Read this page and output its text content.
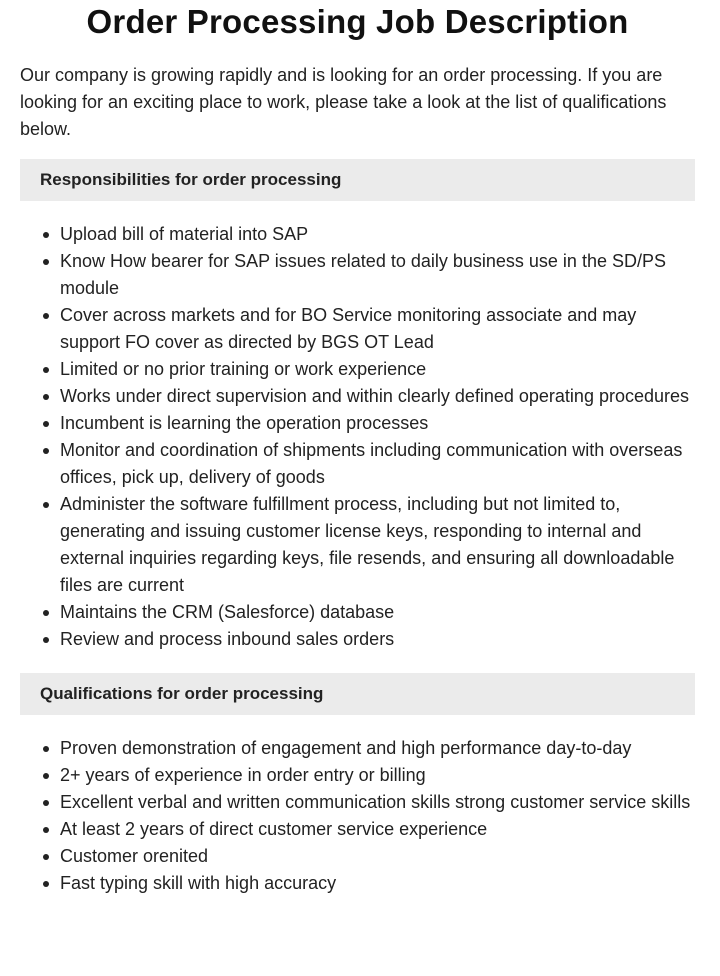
Order Processing Job Description

Our company is growing rapidly and is looking for an order processing. If you are looking for an exciting place to work, please take a look at the list of qualifications below.

Responsibilities for order processing
Upload bill of material into SAP
Know How bearer for SAP issues related to daily business use in the SD/PS module
Cover across markets and for BO Service monitoring associate and may support FO cover as directed by BGS OT Lead
Limited or no prior training or work experience
Works under direct supervision and within clearly defined operating procedures
Incumbent is learning the operation processes
Monitor and coordination of shipments including communication with overseas offices, pick up, delivery of goods
Administer the software fulfillment process, including but not limited to, generating and issuing customer license keys, responding to internal and external inquiries regarding keys, file resends, and ensuring all downloadable files are current
Maintains the CRM (Salesforce) database
Review and process inbound sales orders
Qualifications for order processing
Proven demonstration of engagement and high performance day-to-day
2+ years of experience in order entry or billing
Excellent verbal and written communication skills strong customer service skills
At least 2 years of direct customer service experience
Customer orenited
Fast typing skill with high accuracy
